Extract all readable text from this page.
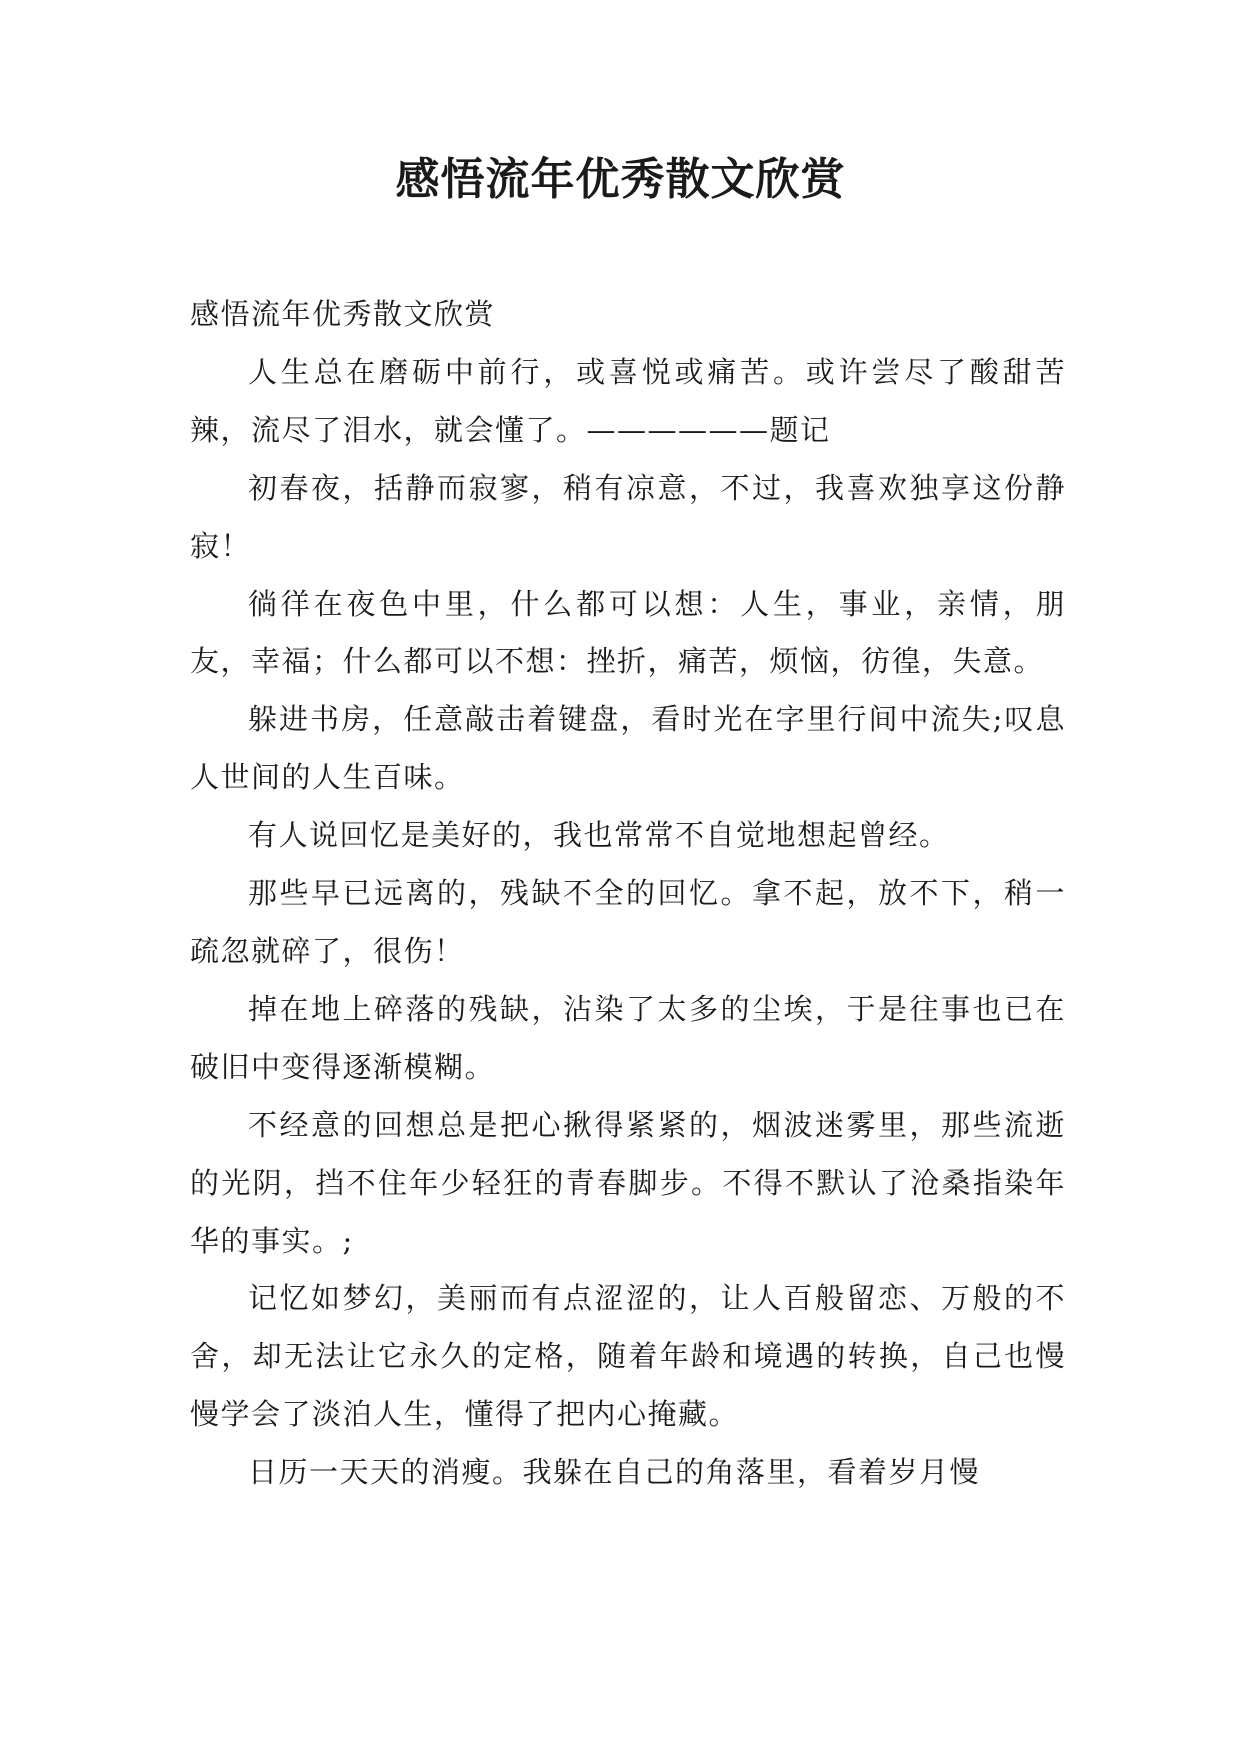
感悟流年优秀散文欣赏

感悟流年优秀散文欣赏

人生总在磨砺中前行，或喜悦或痛苦。或许尝尽了酸甜苦辣，流尽了泪水，就会懂了。——————题记

初春夜，括静而寂寥，稍有凉意，不过，我喜欢独享这份静寂！

徜徉在夜色中里，什么都可以想：人生，事业，亲情，朋友，幸福；什么都可以不想：挫折，痛苦，烦恼，彷徨，失意。

躲进书房，任意敲击着键盘，看时光在字里行间中流失;叹息人世间的人生百味。

有人说回忆是美好的，我也常常不自觉地想起曾经。

那些早已远离的，残缺不全的回忆。拿不起，放不下，稍一疏忽就碎了，很伤！

掉在地上碎落的残缺，沾染了太多的尘埃，于是往事也已在破旧中变得逐渐模糊。

不经意的回想总是把心揪得紧紧的，烟波迷雾里，那些流逝的光阴，挡不住年少轻狂的青春脚步。不得不默认了沧桑指染年华的事实。;

记忆如梦幻，美丽而有点涩涩的，让人百般留恋、万般的不舍，却无法让它永久的定格，随着年龄和境遇的转换，自己也慢慢学会了淡泊人生，懂得了把内心掩藏。

日历一天天的消瘦。我躲在自己的角落里，看着岁月慢
